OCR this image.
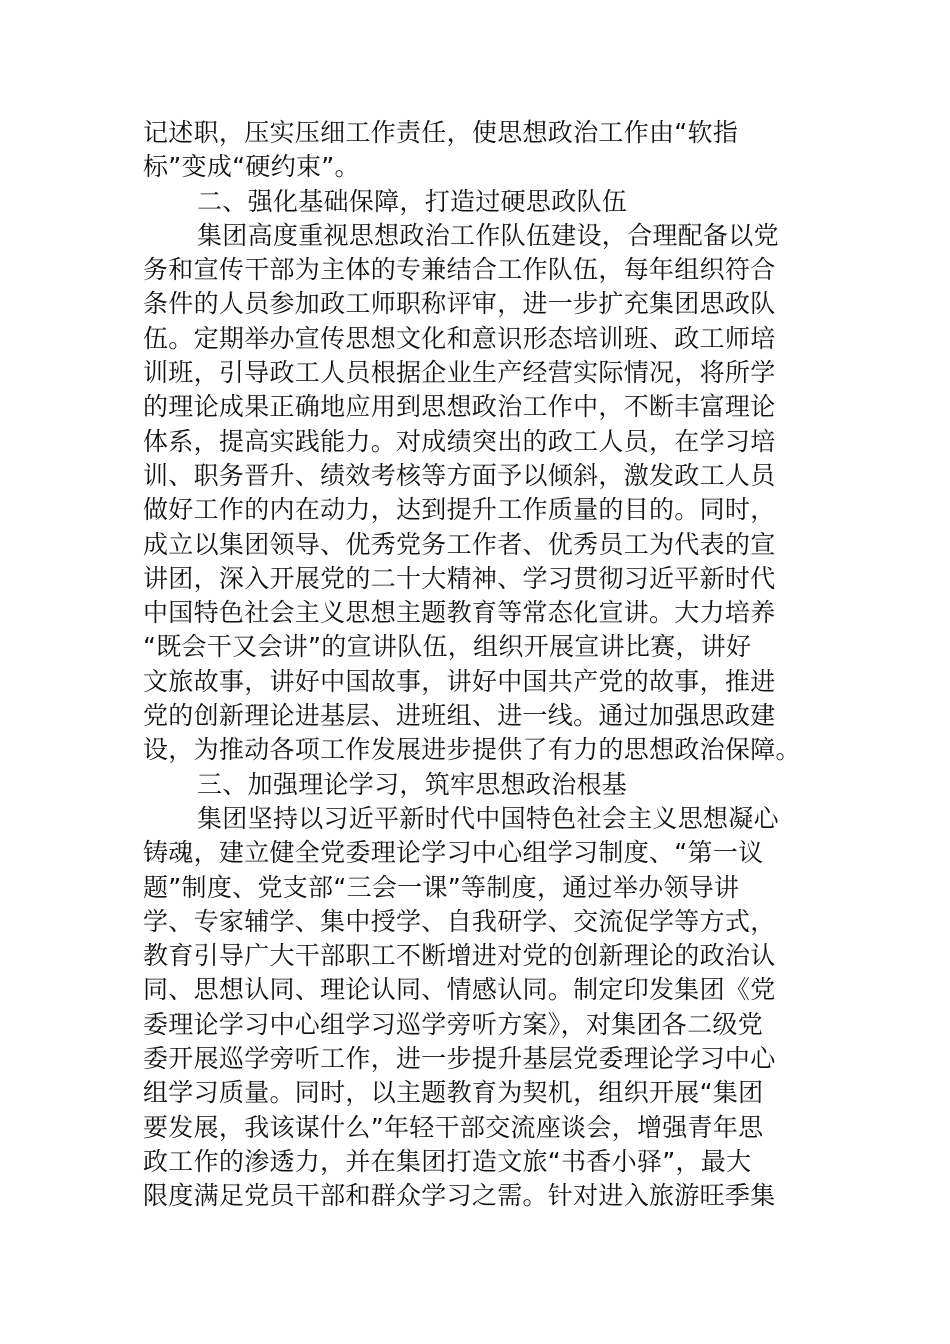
记述职，压实压细工作责任，使思想政治工作由“软指
标”变成“硬约束”。
二、强化基础保障，打造过硬思政队伍
集团高度重视思想政治工作队伍建设，合理配备以党
务和宣传干部为主体的专兼结合工作队伍，每年组织符合
条件的人员参加政工师职称评审，进一步扩充集团思政队
伍。定期举办宣传思想文化和意识形态培训班、政工师培
训班，引导政工人员根据企业生产经营实际情况，将所学
的理论成果正确地应用到思想政治工作中，不断丰富理论
体系，提高实践能力。对成绩突出的政工人员，在学习培
训、职务晋升、绩效考核等方面予以倾斜，激发政工人员
做好工作的内在动力，达到提升工作质量的目的。同时，
成立以集团领导、优秀党务工作者、优秀员工为代表的宣
讲团，深入开展党的二十大精神、学习贯彻习近平新时代
中国特色社会主义思想主题教育等常态化宣讲。大力培养
“既会干又会讲”的宣讲队伍，组织开展宣讲比赛，讲好
文旅故事，讲好中国故事，讲好中国共产党的故事，推进
党的创新理论进基层、进班组、进一线。通过加强思政建
设，为推动各项工作发展进步提供了有力的思想政治保障。
三、加强理论学习，筑牢思想政治根基
集团坚持以习近平新时代中国特色社会主义思想凝心
铸魂，建立健全党委理论学习中心组学习制度、“第一议
题”制度、党支部“三会一课”等制度，通过举办领导讲
学、专家辅学、集中授学、自我研学、交流促学等方式，
教育引导广大干部职工不断增进对党的创新理论的政治认
同、思想认同、理论认同、情感认同。制定印发集团《党
委理论学习中心组学习巡学旁听方案》，对集团各二级党
委开展巡学旁听工作，进一步提升基层党委理论学习中心
组学习质量。同时，以主题教育为契机，组织开展“集团
要发展，我该谋什么”年轻干部交流座谈会，增强青年思
政工作的渗透力，并在集团打造文旅“书香小驿”，最大
限度满足党员干部和群众学习之需。针对进入旅游旺季集
